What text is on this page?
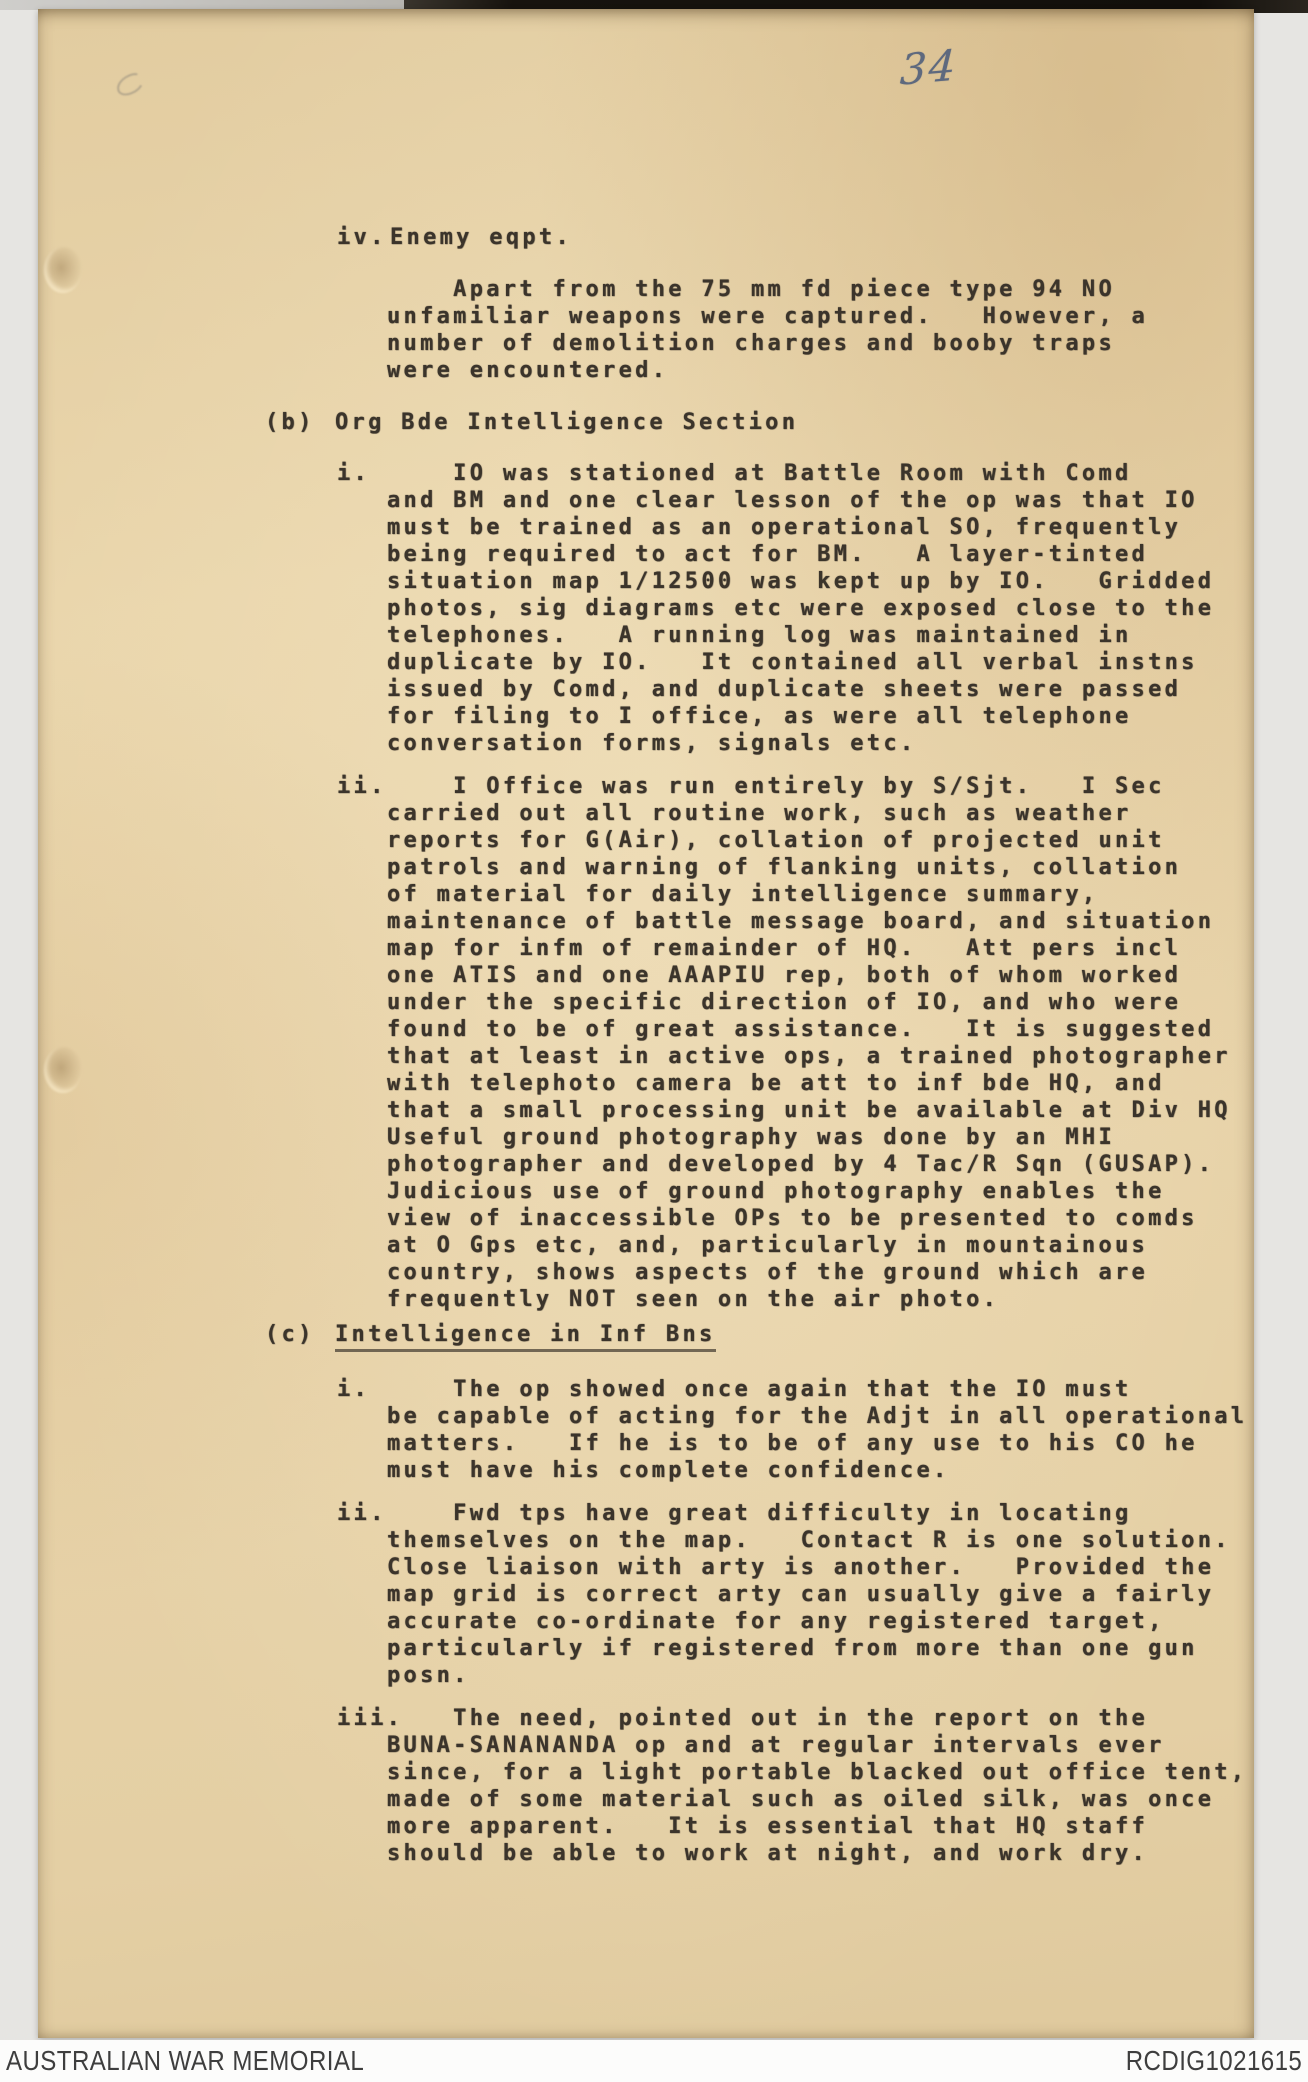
34
iv. Enemy eqpt.
Apart from the 75 mm fd piece type 94 NO
unfamiliar weapons were captured.   However, a
number of demolition charges and booby traps
were encountered.
(b) Org Bde Intelligence Section
i. IO was stationed at Battle Room with Comd
and BM and one clear lesson of the op was that IO
must be trained as an operational SO, frequently
being required to act for BM.   A layer-tinted
situation map 1/12500 was kept up by IO.   Gridded
photos, sig diagrams etc were exposed close to the
telephones.   A running log was maintained in
duplicate by IO.   It contained all verbal instns
issued by Comd, and duplicate sheets were passed
for filing to I office, as were all telephone
conversation forms, signals etc.
ii. I Office was run entirely by S/Sjt.   I Sec
carried out all routine work, such as weather
reports for G(Air), collation of projected unit
patrols and warning of flanking units, collation
of material for daily intelligence summary,
maintenance of battle message board, and situation
map for infm of remainder of HQ.   Att pers incl
one ATIS and one AAAPIU rep, both of whom worked
under the specific direction of IO, and who were
found to be of great assistance.   It is suggested
that at least in active ops, a trained photographer
with telephoto camera be att to inf bde HQ, and
that a small processing unit be available at Div HQ
Useful ground photography was done by an MHI
photographer and developed by 4 Tac/R Sqn (GUSAP).
Judicious use of ground photography enables the
view of inaccessible OPs to be presented to comds
at O Gps etc, and, particularly in mountainous
country, shows aspects of the ground which are
frequently NOT seen on the air photo.
(c) Intelligence in Inf Bns
i. The op showed once again that the IO must
be capable of acting for the Adjt in all operational
matters.   If he is to be of any use to his CO he
must have his complete confidence.
ii. Fwd tps have great difficulty in locating
themselves on the map.   Contact R is one solution.
Close liaison with arty is another.   Provided the
map grid is correct arty can usually give a fairly
accurate co-ordinate for any registered target,
particularly if registered from more than one gun
posn.
iii.
The need, pointed out in the report on the
BUNA-SANANANDA op and at regular intervals ever
since, for a light portable blacked out office tent,
made of some material such as oiled silk, was once
more apparent.   It is essential that HQ staff
should be able to work at night, and work dry.
AUSTRALIAN WAR MEMORIAL	RCDIG1021615
